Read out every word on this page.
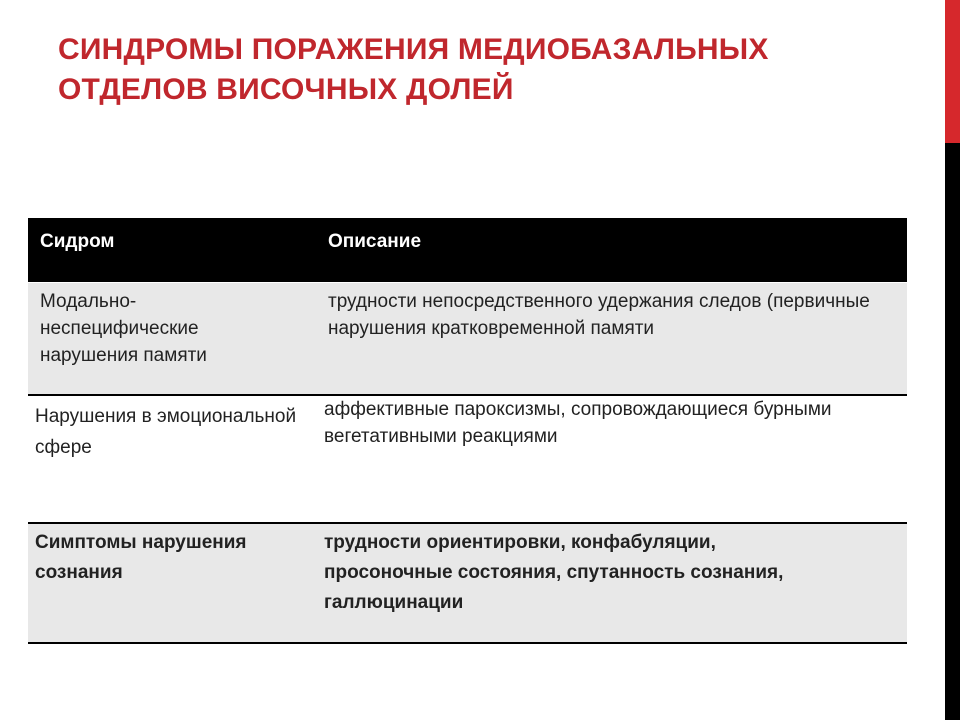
СИНДРОМЫ ПОРАЖЕНИЯ МЕДИОБАЗАЛЬНЫХ ОТДЕЛОВ ВИСОЧНЫХ ДОЛЕЙ
Сидром	Описание
Модально-неспецифические нарушения памяти
трудности непосредственного удержания следов (первичные нарушения кратковременной памяти
Нарушения в эмоциональной сфере
аффективные пароксизмы, сопровождающиеся бурными вегетативными реакциями
Симптомы нарушения сознания
трудности ориентировки, конфабуляции, просоночные состояния, спутанность сознания, галлюцинации
